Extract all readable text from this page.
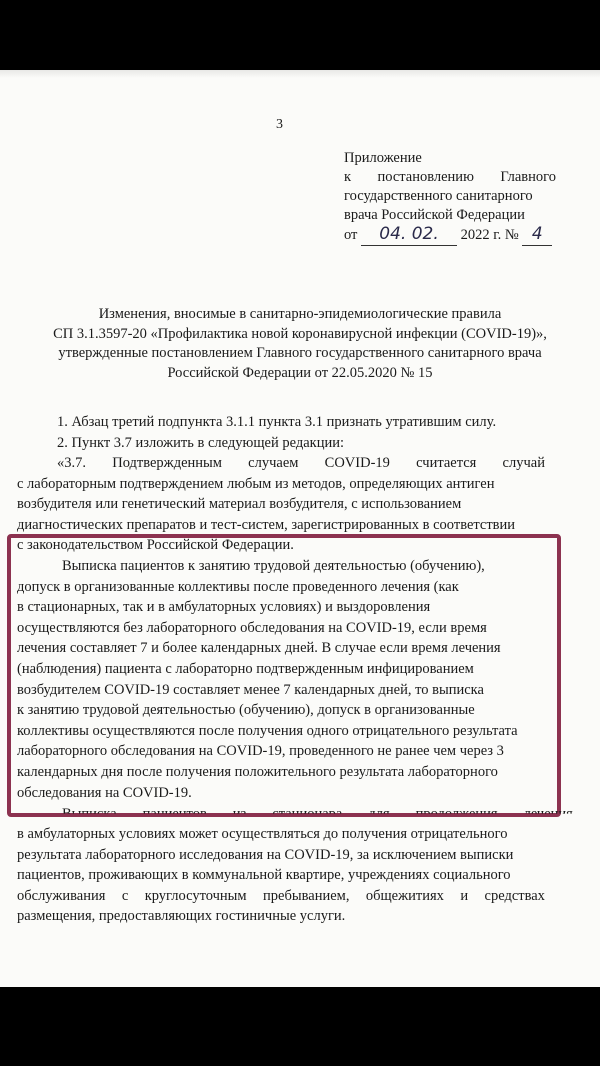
3
Приложение
к постановлению Главного
государственного санитарного
врача Российской Федерации
от 04. 02. 2022 г. № 4
Изменения, вносимые в санитарно-эпидемиологические правила
СП 3.1.3597-20 «Профилактика новой коронавирусной инфекции (COVID-19)»,
утвержденные постановлением Главного государственного санитарного врача
Российской Федерации от 22.05.2020 № 15
1. Абзац третий подпункта 3.1.1 пункта 3.1 признать утратившим силу.
2. Пункт 3.7 изложить в следующей редакции:
«3.7. Подтвержденным случаем COVID-19 считается случай
с лабораторным подтверждением любым из методов, определяющих антиген
возбудителя или генетический материал возбудителя, с использованием
диагностических препаратов и тест-систем, зарегистрированных в соответствии
с законодательством Российской Федерации.
Выписка пациентов к занятию трудовой деятельностью (обучению),
допуск в организованные коллективы после проведенного лечения (как
в стационарных, так и в амбулаторных условиях) и выздоровления
осуществляются без лабораторного обследования на COVID-19, если время
лечения составляет 7 и более календарных дней. В случае если время лечения
(наблюдения) пациента с лабораторно подтвержденным инфицированием
возбудителем COVID-19 составляет менее 7 календарных дней, то выписка
к занятию трудовой деятельностью (обучению), допуск в организованные
коллективы осуществляются после получения одного отрицательного результата
лабораторного обследования на COVID-19, проведенного не ранее чем через 3
календарных дня после получения положительного результата лабораторного
обследования на COVID-19.
в амбулаторных условиях может осуществляться до получения отрицательного
результата лабораторного исследования на COVID-19, за исключением выписки
пациентов, проживающих в коммунальной квартире, учреждениях социального
обслуживания с круглосуточным пребыванием, общежитиях и средствах
размещения, предоставляющих гостиничные услуги.
